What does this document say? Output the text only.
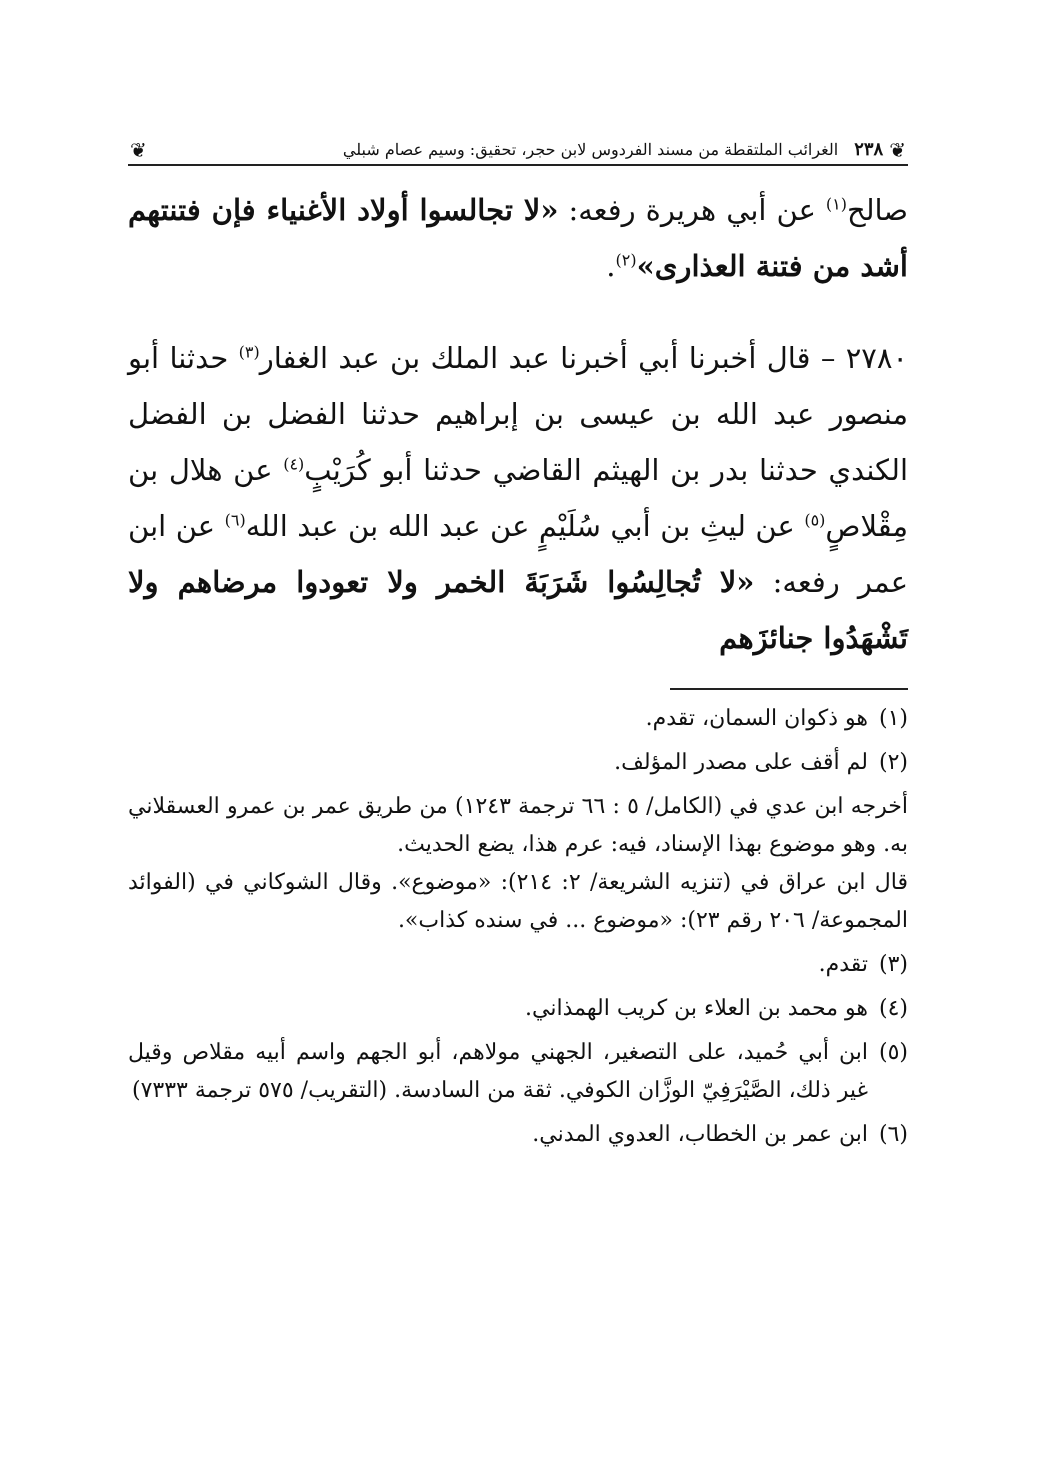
❦
٢٣٨
الغرائب الملتقطة من مسند الفردوس لابن حجر، تحقيق: وسيم عصام شبلي
❦

صالح$^{(١)}$ عن أبي هريرة رفعه: «لا تجالسوا أولاد الأغنياء فإن فتنتهم أشد من فتنة العذارى»$^{(٢)}$.

٢٧٨٠ – قال أخبرنا أبي أخبرنا عبد الملك بن عبد الغفار$^{(٣)}$ حدثنا أبو منصور عبد الله بن عيسى بن إبراهيم حدثنا الفضل بن الفضل الكندي حدثنا بدر بن الهيثم القاضي حدثنا أبو كُرَيْبٍ$^{(٤)}$ عن هلال بن مِقْلاصٍ$^{(٥)}$ عن ليثِ بن أبي سُلَيْمٍ عن عبد الله بن عبد الله$^{(٦)}$ عن ابن عمر رفعه: «لا تُجالِسُوا شَرَبَةَ الخمر ولا تعودوا مرضاهم ولا تَشْهَدُوا جنائزَهم

(١)

هو ذكوان السمان، تقدم.

(٢)

لم أقف على مصدر المؤلف.

أخرجه ابن عدي في (الكامل/ ٥ : ٦٦ ترجمة ١٢٤٣) من طريق عمر بن عمرو العسقلاني به. وهو موضوع بهذا الإسناد، فيه: عرم هذا، يضع الحديث.

قال ابن عراق في (تنزيه الشريعة/ ٢: ٢١٤): «موضوع». وقال الشوكاني في (الفوائد المجموعة/ ٢٠٦ رقم ٢٣): «موضوع ... في سنده كذاب».

(٣)

تقدم.

(٤)

هو محمد بن العلاء بن كريب الهمذاني.

(٥)

ابن أبي حُميد، على التصغير، الجهني مولاهم، أبو الجهم واسم أبيه مقلاص وقيل غير ذلك، الصَّيْرَفِيّ الوزَّان الكوفي. ثقة من السادسة. (التقريب/ ٥٧٥ ترجمة ٧٣٣٣)

(٦)

ابن عمر بن الخطاب، العدوي المدني.
